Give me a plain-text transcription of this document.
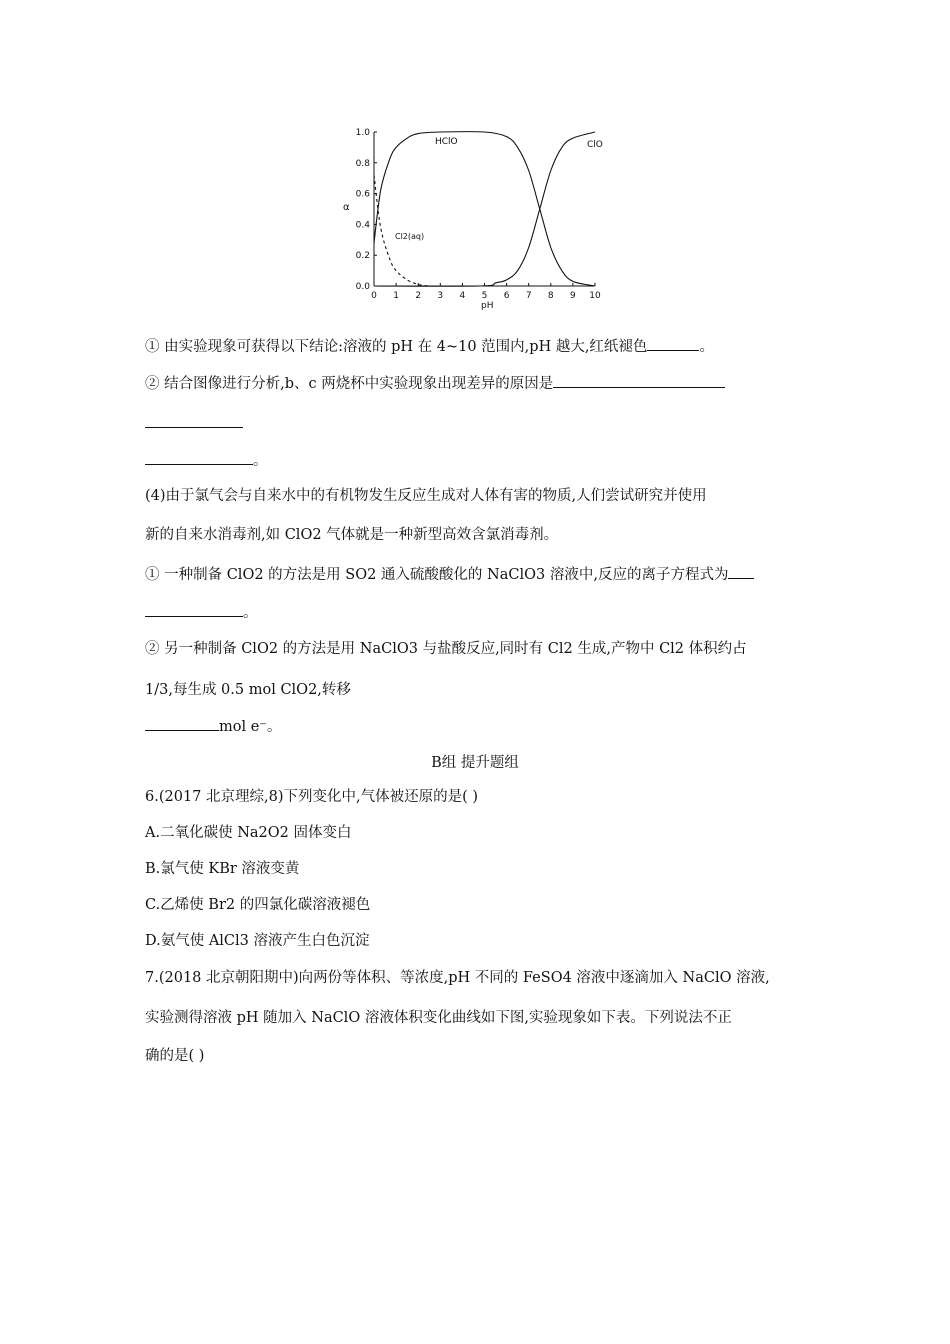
0 1 2 3 4 5 6 7 8 9 10
0.0
0.2
0.4
0.6
0.8
1.0
α
pH
HClO	ClO
Cl2(aq)
① 由实验现象可获得以下结论:溶液的 pH 在 4~10 范围内,pH 越大,红纸褪色	。
② 结合图像进行分析,b、c 两烧杯中实验现象出现差异的原因是
。
(4)由于氯气会与自来水中的有机物发生反应生成对人体有害的物质,人们尝试研究并使用
新的自来水消毒剂,如 ClO2 气体就是一种新型高效含氯消毒剂。
① 一种制备 ClO2 的方法是用 SO2 通入硫酸酸化的 NaClO3 溶液中,反应的离子方程式为
。
② 另一种制备 ClO2 的方法是用 NaClO3 与盐酸反应,同时有 Cl2 生成,产物中 Cl2 体积约占
1/3,每生成 0.5 mol ClO2,转移
mol e⁻。
B组 提升题组
6.(2017 北京理综,8)下列变化中,气体被还原的是( )
A.二氧化碳使 Na2O2 固体变白
B.氯气使 KBr 溶液变黄
C.乙烯使 Br2 的四氯化碳溶液褪色
D.氨气使 AlCl3 溶液产生白色沉淀
7.(2018 北京朝阳期中)向两份等体积、等浓度,pH 不同的 FeSO4 溶液中逐滴加入 NaClO 溶液,
实验测得溶液 pH 随加入 NaClO 溶液体积变化曲线如下图,实验现象如下表。下列说法不正
确的是( )
